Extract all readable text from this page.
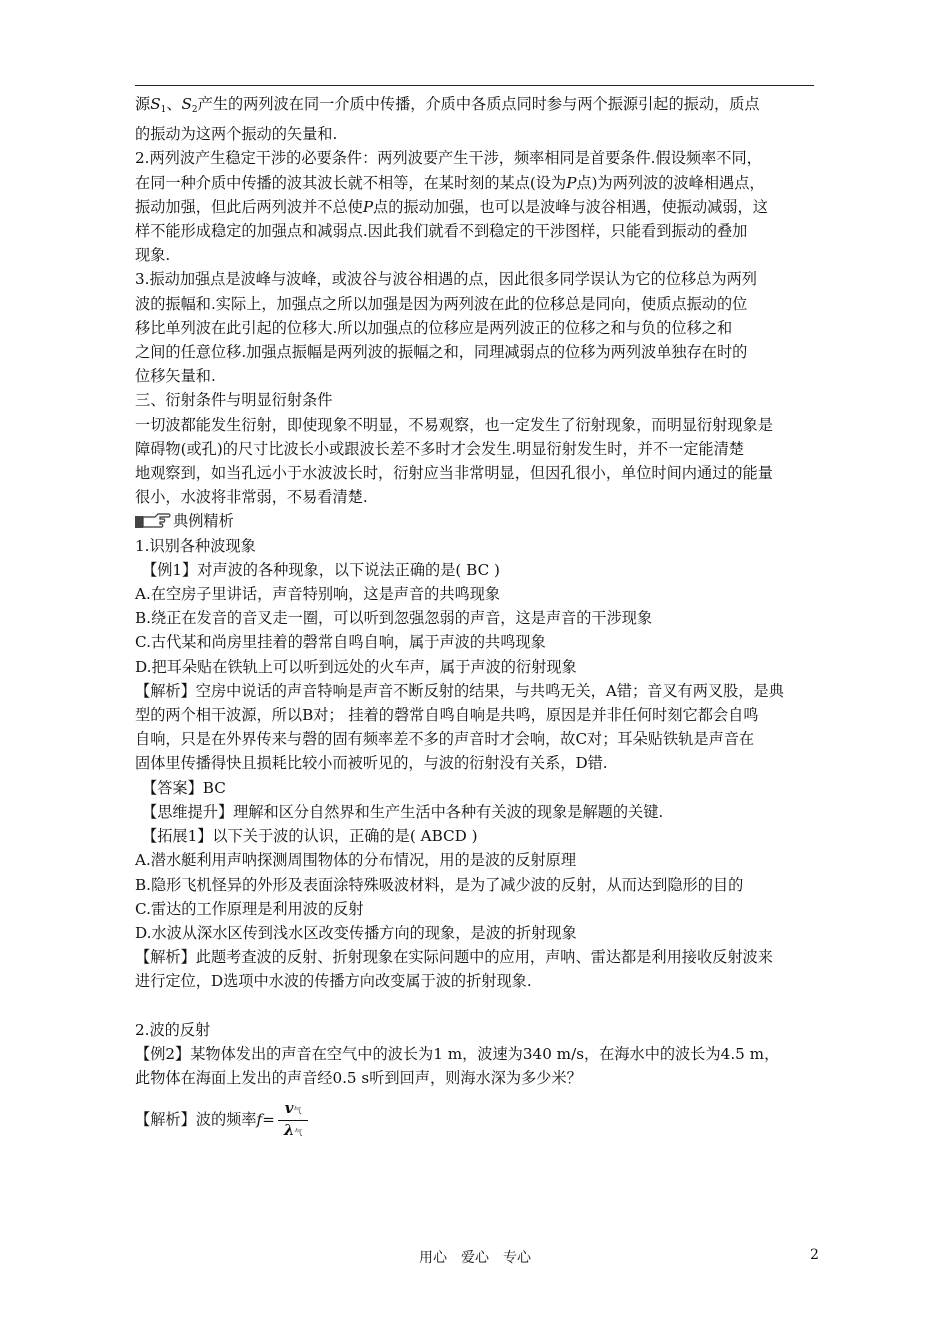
源$S_1$、$S_2$产生的两列波在同一介质中传播，介质中各质点同时参与两个振源引起的振动，质点

的振动为这两个振动的矢量和.

2.两列波产生稳定干涉的必要条件：两列波要产生干涉，频率相同是首要条件.假设频率不同，

在同一种介质中传播的波其波长就不相等，在某时刻的某点(设为P点)为两列波的波峰相遇点，

振动加强，但此后两列波并不总使P点的振动加强，也可以是波峰与波谷相遇，使振动减弱，这

样不能形成稳定的加强点和减弱点.因此我们就看不到稳定的干涉图样，只能看到振动的叠加

现象.

3.振动加强点是波峰与波峰，或波谷与波谷相遇的点，因此很多同学误认为它的位移总为两列

波的振幅和.实际上，加强点之所以加强是因为两列波在此的位移总是同向，使质点振动的位

移比单列波在此引起的位移大.所以加强点的位移应是两列波正的位移之和与负的位移之和

之间的任意位移.加强点振幅是两列波的振幅之和，同理减弱点的位移为两列波单独存在时的

位移矢量和.

三、衍射条件与明显衍射条件

一切波都能发生衍射，即使现象不明显，不易观察，也一定发生了衍射现象，而明显衍射现象是

障碍物(或孔)的尺寸比波长小或跟波长差不多时才会发生.明显衍射发生时，并不一定能清楚

地观察到，如当孔远小于水波波长时，衍射应当非常明显，但因孔很小，单位时间内通过的能量

很小，水波将非常弱，不易看清楚.

典例精析

1.识别各种波现象

【例1】对声波的各种现象，以下说法正确的是( BC )

A.在空房子里讲话，声音特别响，这是声音的共鸣现象

B.绕正在发音的音叉走一圈，可以听到忽强忽弱的声音，这是声音的干涉现象

C.古代某和尚房里挂着的磬常自鸣自响，属于声波的共鸣现象

D.把耳朵贴在铁轨上可以听到远处的火车声，属于声波的衍射现象

【解析】空房中说话的声音特响是声音不断反射的结果，与共鸣无关，A错；音叉有两叉股，是典

型的两个相干波源，所以B对； 挂着的磬常自鸣自响是共鸣，原因是并非任何时刻它都会自鸣

自响，只是在外界传来与磬的固有频率差不多的声音时才会响，故C对；耳朵贴铁轨是声音在

固体里传播得快且损耗比较小而被听见的，与波的衍射没有关系，D错.

【答案】BC

【思维提升】理解和区分自然界和生产生活中各种有关波的现象是解题的关键.

【拓展1】以下关于波的认识，正确的是( ABCD )

A.潜水艇利用声呐探测周围物体的分布情况，用的是波的反射原理

B.隐形飞机怪异的外形及表面涂特殊吸波材料，是为了减少波的反射，从而达到隐形的目的

C.雷达的工作原理是利用波的反射

D.水波从深水区传到浅水区改变传播方向的现象，是波的折射现象

【解析】此题考查波的反射、折射现象在实际问题中的应用，声呐、雷达都是利用接收反射波来

进行定位，D选项中水波的传播方向改变属于波的折射现象.

2.波的反射

【例2】某物体发出的声音在空气中的波长为1 m，波速为340 m/s，在海水中的波长为4.5 m，

此物体在海面上发出的声音经0.5 s听到回声，则海水深为多少米？

【解析】波的频率$f= \frac{\text{v气}}{\text{λ气}}$

用心　爱心　专心	2
